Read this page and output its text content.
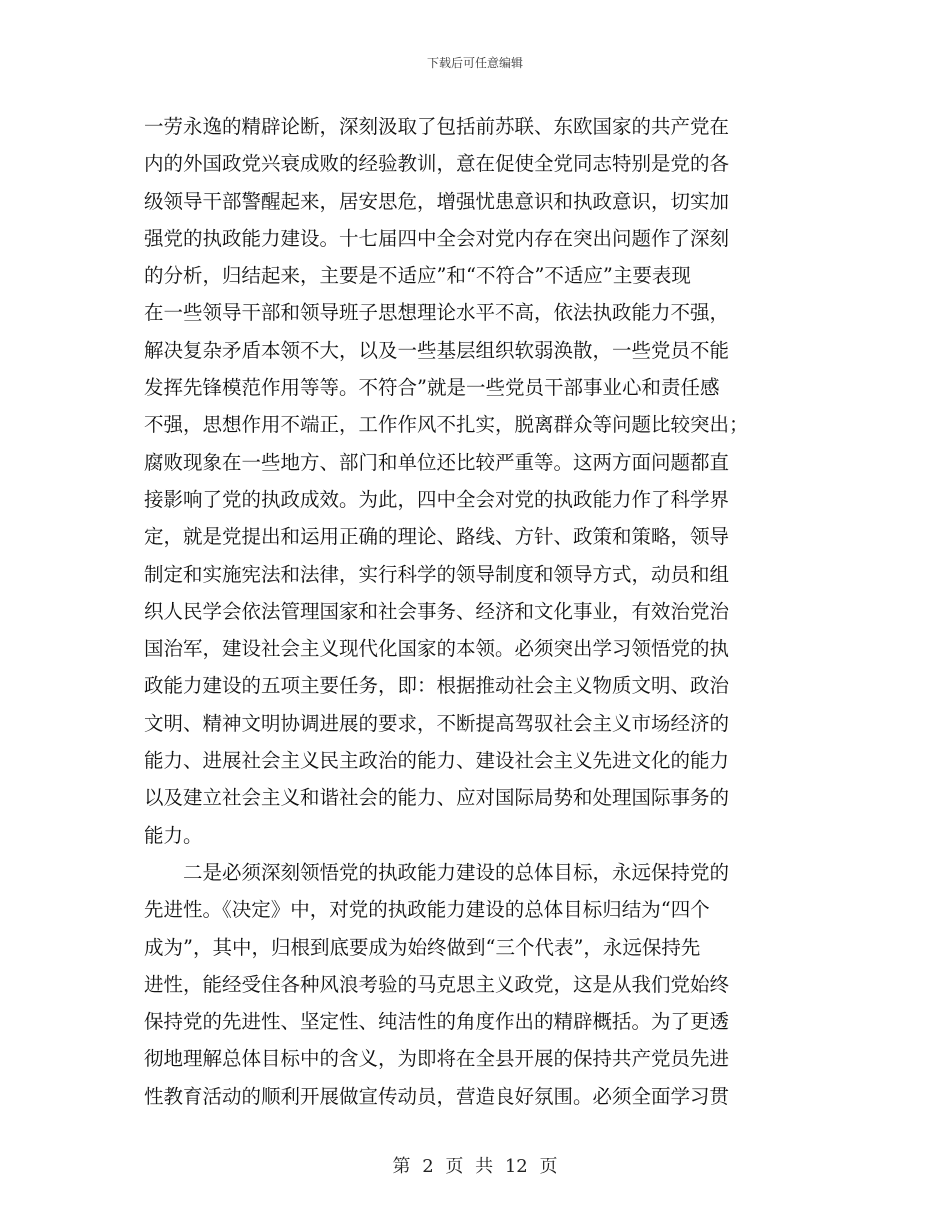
下载后可任意编辑
一劳永逸的精辟论断，深刻汲取了包括前苏联、东欧国家的共产党在
内的外国政党兴衰成败的经验教训，意在促使全党同志特别是党的各
级领导干部警醒起来，居安思危，增强忧患意识和执政意识，切实加
强党的执政能力建设。十七届四中全会对党内存在突出问题作了深刻
的分析，归结起来，主要是不适应”和“不符合”不适应”主要表现
在一些领导干部和领导班子思想理论水平不高，依法执政能力不强，
解决复杂矛盾本领不大，以及一些基层组织软弱涣散，一些党员不能
发挥先锋模范作用等等。不符合”就是一些党员干部事业心和责任感
不强，思想作用不端正，工作作风不扎实，脱离群众等问题比较突出；
腐败现象在一些地方、部门和单位还比较严重等。这两方面问题都直
接影响了党的执政成效。为此，四中全会对党的执政能力作了科学界
定，就是党提出和运用正确的理论、路线、方针、政策和策略，领导
制定和实施宪法和法律，实行科学的领导制度和领导方式，动员和组
织人民学会依法管理国家和社会事务、经济和文化事业，有效治党治
国治军，建设社会主义现代化国家的本领。必须突出学习领悟党的执
政能力建设的五项主要任务，即：根据推动社会主义物质文明、政治
文明、精神文明协调进展的要求，不断提高驾驭社会主义市场经济的
能力、进展社会主义民主政治的能力、建设社会主义先进文化的能力
以及建立社会主义和谐社会的能力、应对国际局势和处理国际事务的
能力。
　　二是必须深刻领悟党的执政能力建设的总体目标，永远保持党的
先进性。《决定》中，对党的执政能力建设的总体目标归结为“四个
成为”，其中，归根到底要成为始终做到“三个代表”，永远保持先
进性，能经受住各种风浪考验的马克思主义政党，这是从我们党始终
保持党的先进性、坚定性、纯洁性的角度作出的精辟概括。为了更透
彻地理解总体目标中的含义，为即将在全县开展的保持共产党员先进
性教育活动的顺利开展做宣传动员，营造良好氛围。必须全面学习贯
第 2 页 共 12 页
